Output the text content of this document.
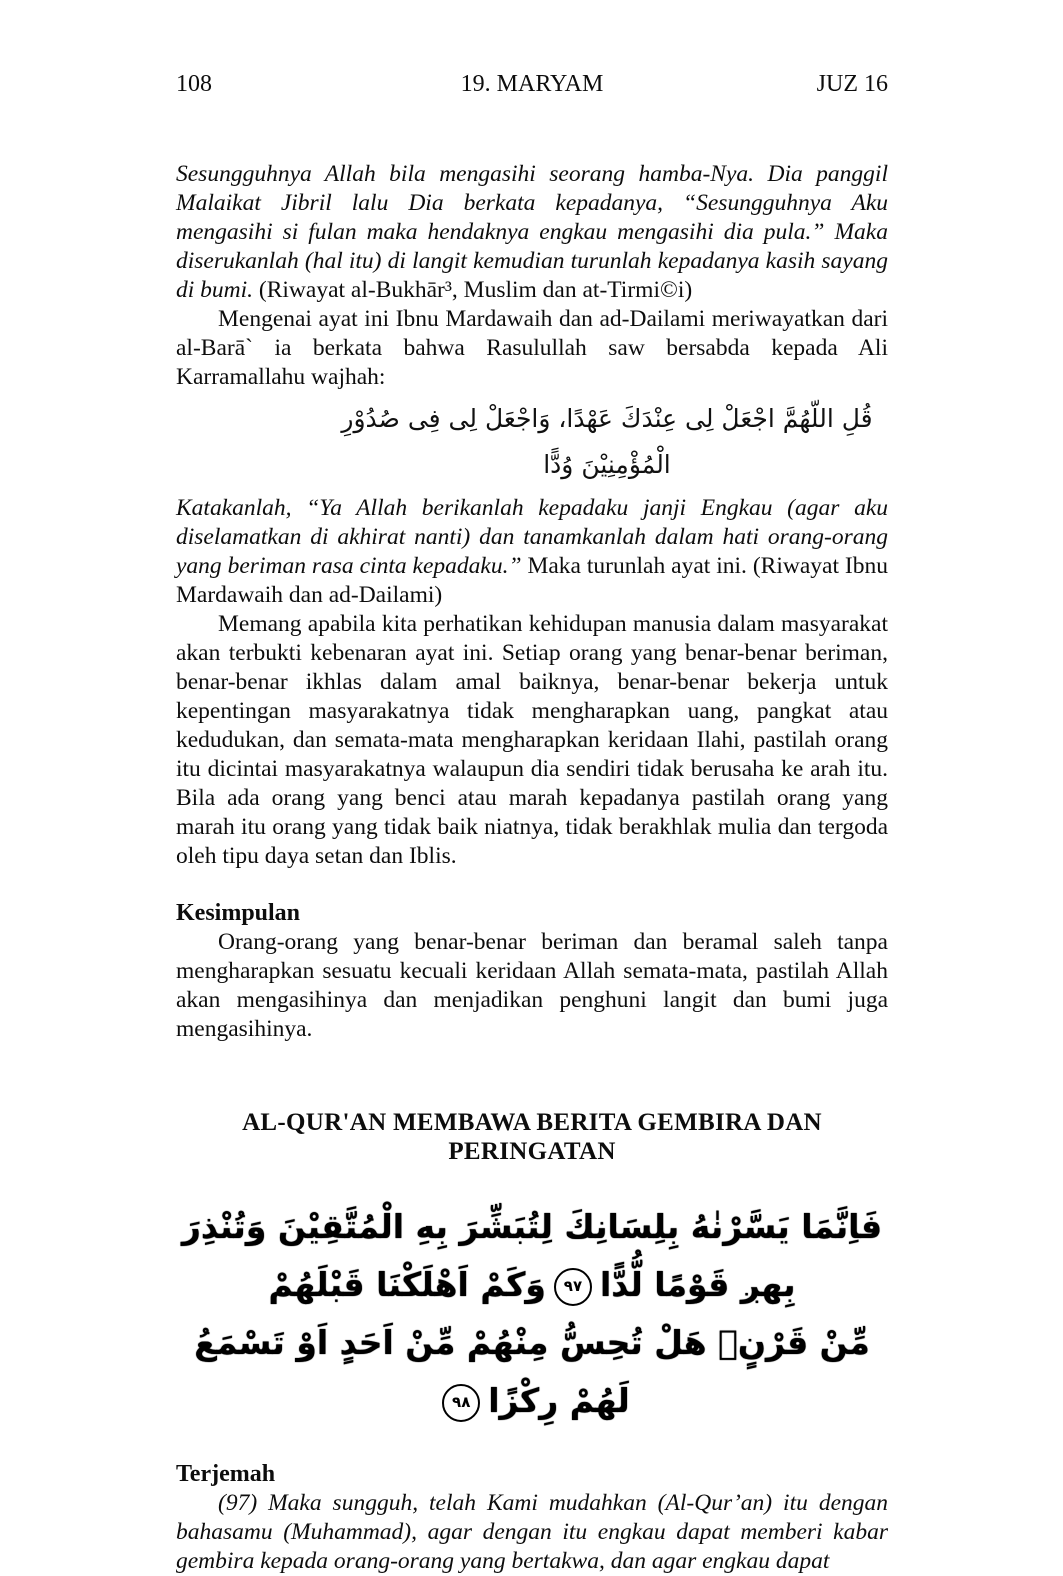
108	19. MARYAM	JUZ 16

Sesungguhnya Allah bila mengasihi seorang hamba-Nya. Dia panggil Malaikat Jibril lalu Dia berkata kepadanya, “Sesungguhnya Aku mengasihi si fulan maka hendaknya engkau mengasihi dia pula.” Maka diserukanlah (hal itu) di langit kemudian turunlah kepadanya kasih sayang di bumi. (Riwayat al-Bukhār³, Muslim dan at-Tirmi©i)

Mengenai ayat ini Ibnu Mardawaih dan ad-Dailami meriwayatkan dari al-Barā` ia berkata bahwa Rasulullah saw bersabda kepada Ali Karramallahu wajhah:

قُلِ اللّهُمَّ اجْعَلْ لِى عِنْدَكَ عَهْدًا، وَاجْعَلْ لِى فِى صُدُوْرِ الْمُؤْمِنِيْنَ وُدًّا

Katakanlah, “Ya Allah berikanlah kepadaku janji Engkau (agar aku diselamatkan di akhirat nanti) dan tanamkanlah dalam hati orang-orang yang beriman rasa cinta kepadaku.” Maka turunlah ayat ini. (Riwayat Ibnu Mardawaih dan ad-Dailami)

Memang apabila kita perhatikan kehidupan manusia dalam masyarakat akan terbukti kebenaran ayat ini. Setiap orang yang benar-benar beriman, benar-benar ikhlas dalam amal baiknya, benar-benar bekerja untuk kepentingan masyarakatnya tidak mengharapkan uang, pangkat atau kedudukan, dan semata-mata mengharapkan keridaan Ilahi, pastilah orang itu dicintai masyarakatnya walaupun dia sendiri tidak berusaha ke arah itu. Bila ada orang yang benci atau marah kepadanya pastilah orang yang marah itu orang yang tidak baik niatnya, tidak berakhlak mulia dan tergoda oleh tipu daya setan dan Iblis.

Kesimpulan

Orang-orang yang benar-benar beriman dan beramal saleh tanpa mengharapkan sesuatu kecuali keridaan Allah semata-mata, pastilah Allah akan mengasihinya dan menjadikan penghuni langit dan bumi juga mengasihinya.

AL-QUR'AN MEMBAWA BERITA GEMBIRA DAN PERINGATAN
فَاِنَّمَا يَسَّرْنٰهُ بِلِسَانِكَ لِتُبَشِّرَ بِهِ الْمُتَّقِيْنَ وَتُنْذِرَ بِهږ قَوْمًا لُّدًّا٩٧وَكَمْ اَهْلَكْنَا قَبْلَهُمْ
مِّنْ قَرْنٍۗ هَلْ تُحِسُّ مِنْهُمْ مِّنْ اَحَدٍ اَوْ تَسْمَعُ لَهُمْ رِكْزًا٩٨
Terjemah

(97) Maka sungguh, telah Kami mudahkan (Al-Qur’an) itu dengan bahasamu (Muhammad), agar dengan itu engkau dapat memberi kabar gembira kepada orang-orang yang bertakwa, dan agar engkau dapat
